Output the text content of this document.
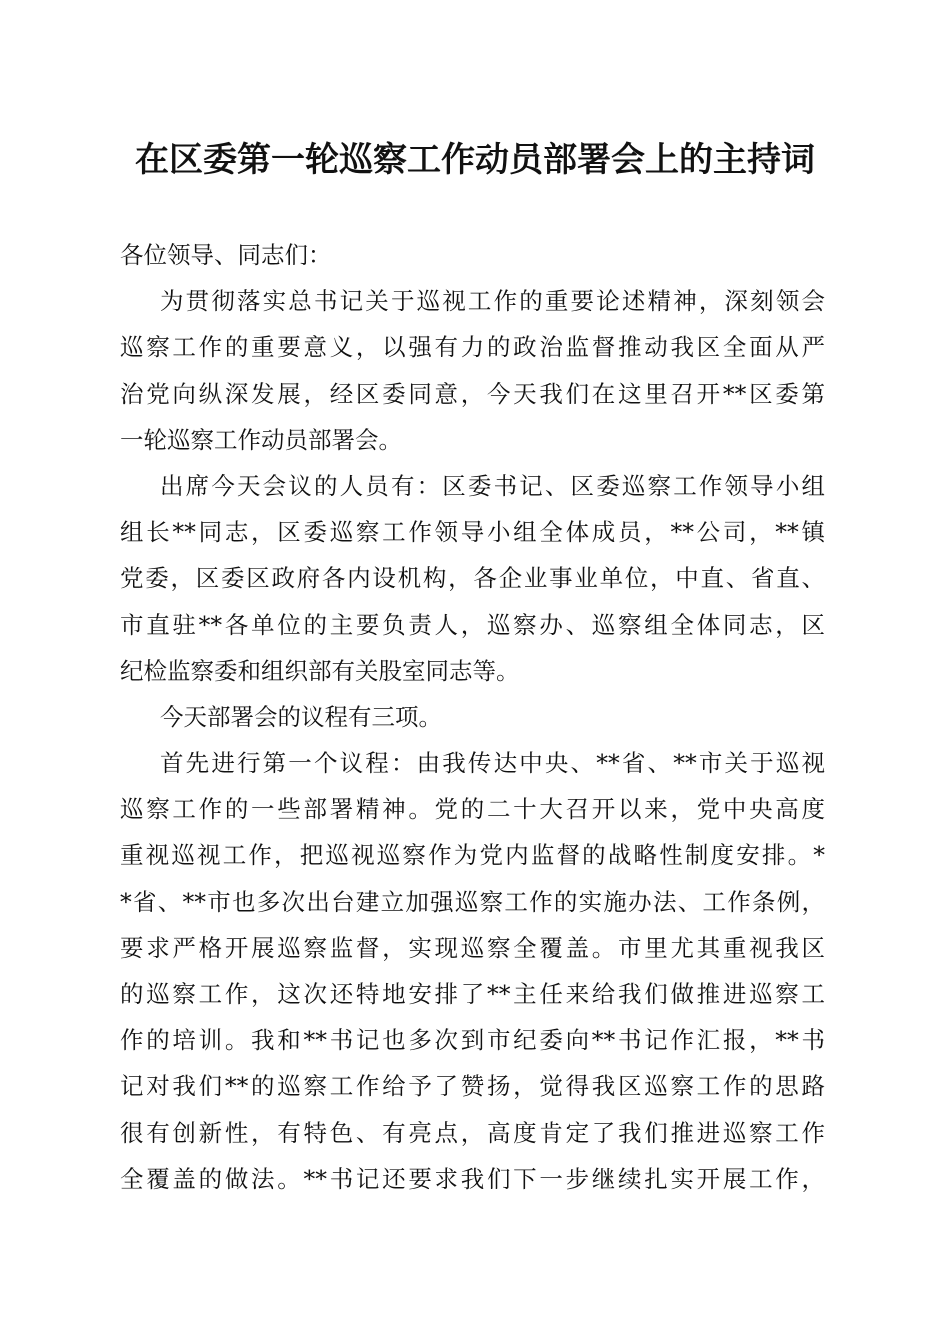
在区委第一轮巡察工作动员部署会上的主持词
各位领导、同志们：
为贯彻落实总书记关于巡视工作的重要论述精神，深刻领会
巡察工作的重要意义，以强有力的政治监督推动我区全面从严
治党向纵深发展，经区委同意，今天我们在这里召开**区委第
一轮巡察工作动员部署会。
出席今天会议的人员有：区委书记、区委巡察工作领导小组
组长**同志，区委巡察工作领导小组全体成员，**公司，**镇
党委，区委区政府各内设机构，各企业事业单位，中直、省直、
市直驻**各单位的主要负责人，巡察办、巡察组全体同志，区
纪检监察委和组织部有关股室同志等。
今天部署会的议程有三项。
首先进行第一个议程：由我传达中央、**省、**市关于巡视
巡察工作的一些部署精神。党的二十大召开以来，党中央高度
重视巡视工作，把巡视巡察作为党内监督的战略性制度安排。*
*省、**市也多次出台建立加强巡察工作的实施办法、工作条例，
要求严格开展巡察监督，实现巡察全覆盖。市里尤其重视我区
的巡察工作，这次还特地安排了**主任来给我们做推进巡察工
作的培训。我和**书记也多次到市纪委向**书记作汇报，**书
记对我们**的巡察工作给予了赞扬，觉得我区巡察工作的思路
很有创新性，有特色、有亮点，高度肯定了我们推进巡察工作
全覆盖的做法。**书记还要求我们下一步继续扎实开展工作，
